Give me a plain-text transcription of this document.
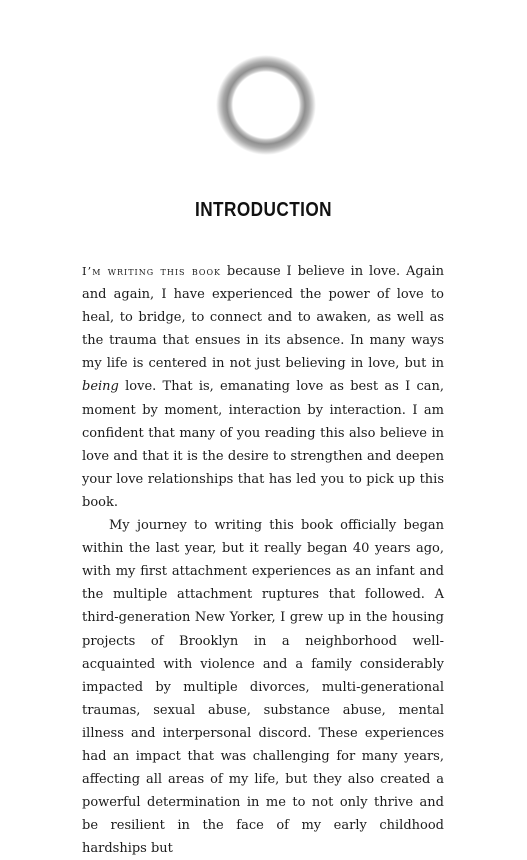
INTRODUCTION

I’m writing this book because I believe in love. Again and again, I have experienced the power of love to heal, to bridge, to connect and to awaken, as well as the trauma that ensues in its absence. In many ways my life is centered in not just believing in love, but in being love. That is, emanating love as best as I can, moment by moment, interaction by interaction. I am confident that many of you reading this also believe in love and that it is the desire to strengthen and deepen your love relationships that has led you to pick up this book.

My journey to writing this book officially began within the last year, but it really began 40 years ago, with my first attachment experiences as an infant and the multiple attachment ruptures that followed. A third-generation New Yorker, I grew up in the housing projects of Brooklyn in a neighborhood well-acquainted with violence and a family considerably impacted by multiple divorces, multi-generational traumas, sexual abuse, substance abuse, mental illness and interpersonal discord. These experiences had an impact that was challenging for many years, affecting all areas of my life, but they also created a powerful determination in me to not only thrive and be resilient in the face of my early childhood hardships but
